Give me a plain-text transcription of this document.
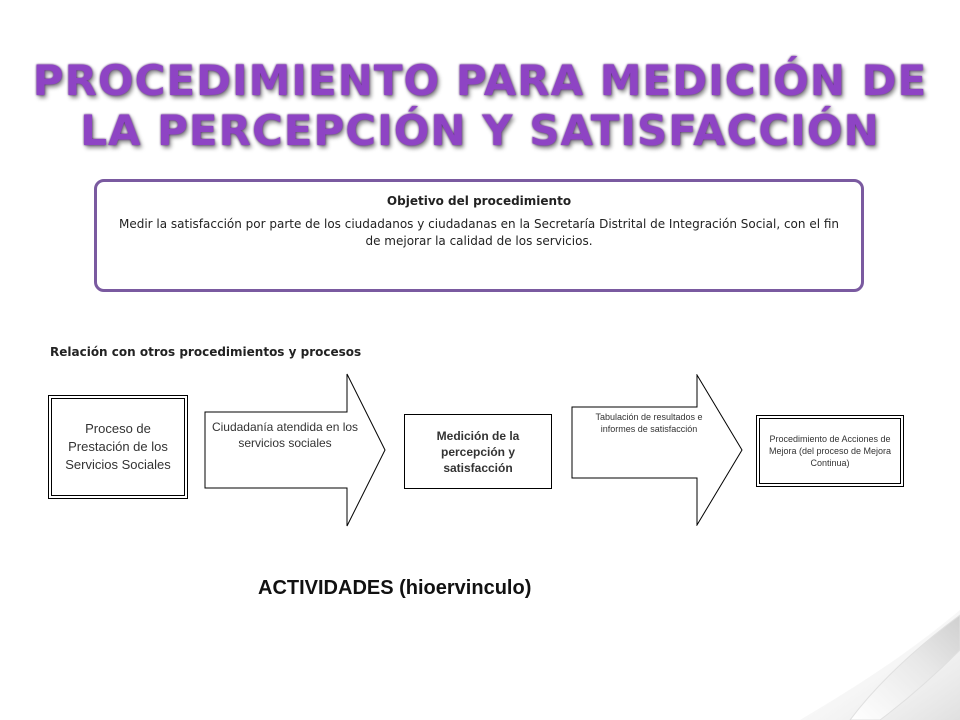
PROCEDIMIENTO PARA MEDICIÓN DE
LA PERCEPCIÓN Y SATISFACCIÓN
Objetivo del procedimiento
Medir la satisfacción por parte de los ciudadanos y ciudadanas en la Secretaría Distrital de Integración Social, con el fin de mejorar la calidad de los servicios.
Relación con otros procedimientos y procesos
Proceso de Prestación de los Servicios Sociales
Ciudadanía atendida en los servicios sociales
Medición de la percepción y satisfacción
Tabulación de resultados e informes de satisfacción
Procedimiento de Acciones de Mejora (del proceso de Mejora Continua)
ACTIVIDADES (hioervinculo)
